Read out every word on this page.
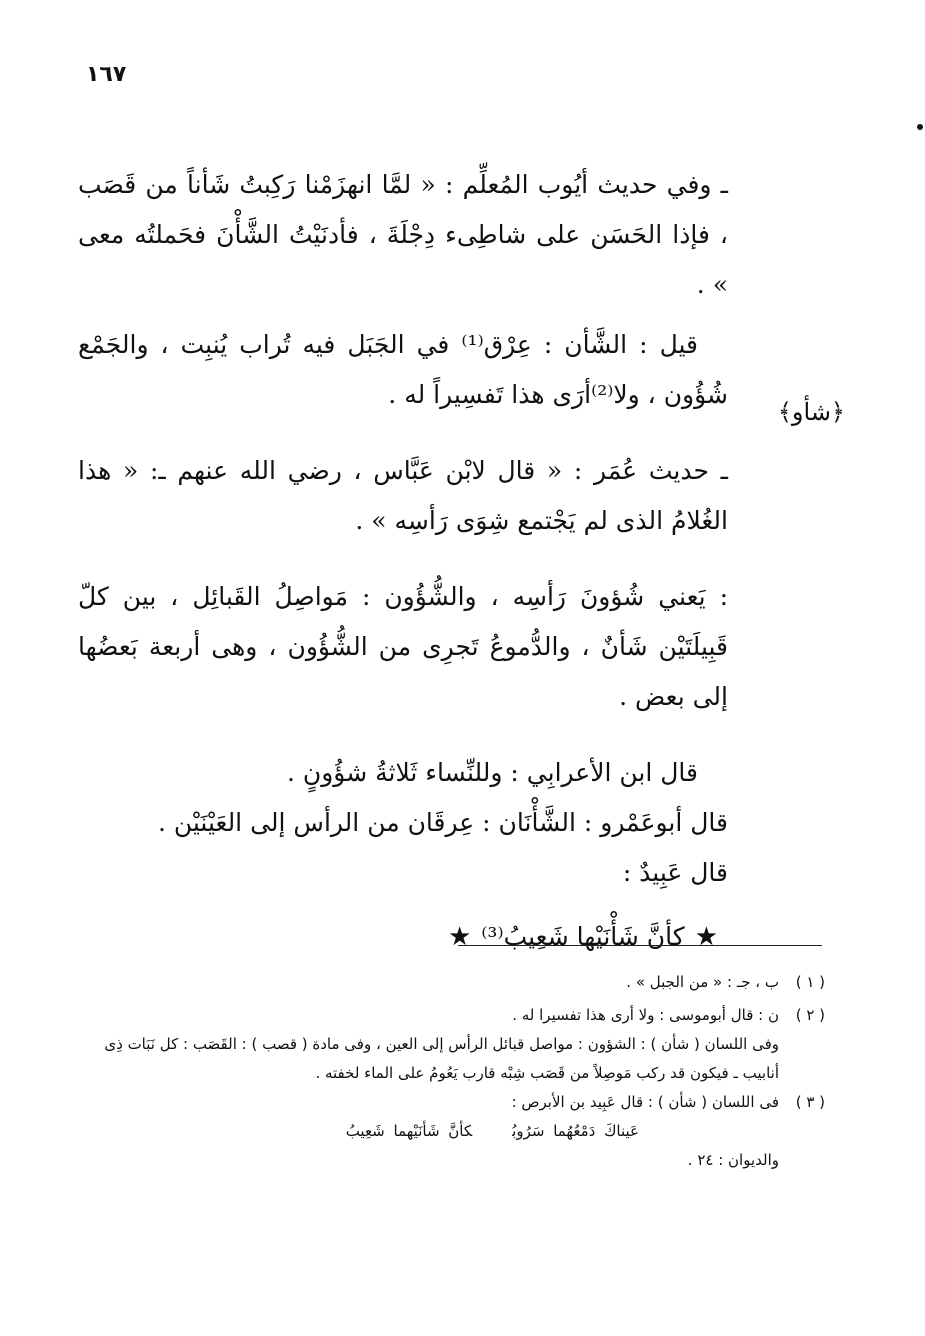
١٦٧
﴿شأو﴾

ـ وفي حديث أيُوب المُعلِّم : « لمَّا انهزَمْنا رَكِبتُ شَأناً من قَصَب ، فإذا الحَسَن على شاطِىء دِجْلَةَ ، فأدنَيْتُ الشَّأْنَ فحَملتُه معى » .

قيل : الشَّأن : عِرْق⁽¹⁾ في الجَبَل فيه تُراب يُنبِت ، والجَمْع شُؤُون ، ولا⁽²⁾أرَى هذا تَفسِيراً له .

ـ حديث عُمَر : « قال لابْن عَبَّاس ، رضي الله عنهم ـ: « هذا الغُلامُ الذى لم يَجْتمع شِوَى رَأسِه » .

: يَعني شُؤونَ رَأسِه ، والشُّؤُون : مَواصِلُ القَبائِل ، بين كلّ قَبِيلَتَيْن شَأنٌ ، والدُّموعُ تَجرِى من الشُّؤُون ، وهى أربعة بَعضُها إلى بعض .

قال ابن الأعرابِي : وللنِّساء ثَلاثةُ شؤُونٍ .

قال أبوعَمْرو : الشَّأْنَان : عِرقَان من الرأس إلى العَيْنَيْن .

قال عَبِيدٌ :

★كأنَّ شَأْنَيْها شَعِيبُ⁽³⁾★

( ١ )

ب ، جـ : « من الجبل » .

( ٢ )

ن : قال أبوموسى : ولا أرى هذا تفسيرا له .

وفى اللسان ( شأن ) : الشؤون : مواصل قبائل الرأس إلى العين ، وفى مادة ( قصب ) : القَصَب : كل نَبَات ذِى أنابيب ـ فيكون قد ركب مَوصِلاً من قَصَب شِبْه قارب يَعُومُ على الماء لخفته .

( ٣ )

فى اللسان ( شأن ) : قال عَبِيد بن الأبرص :

عَيناكَ دَمْعُهُما سَرُوبُكأنَّ شَأنَيْهما شَعِيبُ

والديوان : ٢٤ .
